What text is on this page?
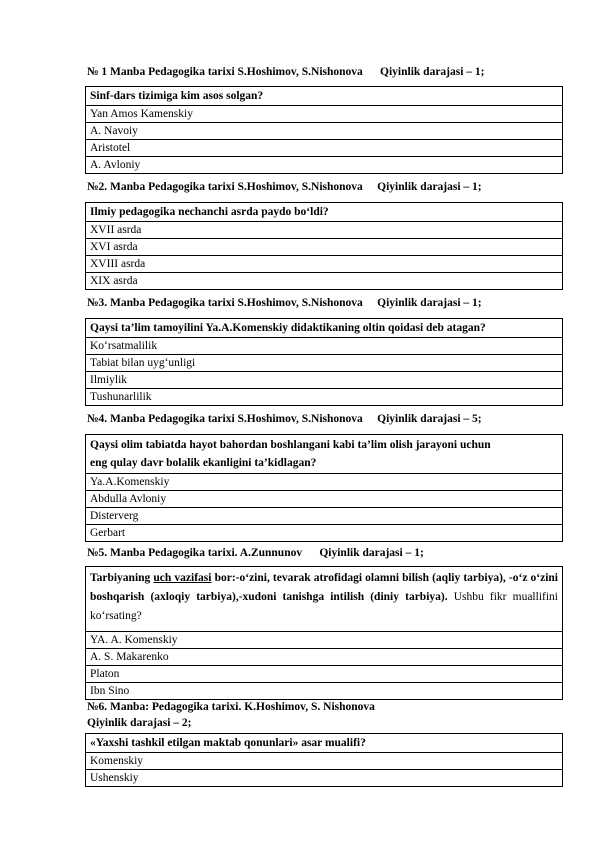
№ 1 Manba Pedagogika tarixi S.Hoshimov, S.Nishonova      Qiyinlik darajasi – 1;
Sinf-dars tizimiga kim asos solgan?
Yan Amos Kamenskiy
A. Navoiy
Aristotel
A. Avloniy
№2. Manba Pedagogika tarixi S.Hoshimov, S.Nishonova     Qiyinlik darajasi – 1;
Ilmiy pedagogika nechanchi asrda paydo bo‘ldi?
XVII asrda
XVI asrda
XVIII asrda
XIX asrda
№3. Manba Pedagogika tarixi S.Hoshimov, S.Nishonova     Qiyinlik darajasi – 1;
Qaysi ta’lim tamoyilini Ya.A.Komenskiy didaktikaning oltin qoidasi deb atagan?
Ko‘rsatmalilik
Tabiat bilan uyg‘unligi
Ilmiylik
Tushunarlilik
№4. Manba Pedagogika tarixi S.Hoshimov, S.Nishonova     Qiyinlik darajasi – 5;
Qaysi olim tabiatda hayot bahordan boshlangani kabi ta’lim olish jarayoni uchun
eng qulay davr bolalik ekanligini ta’kidlagan?

Ya.A.Komenskiy
Abdulla Avloniy
Disterverg
Gerbart
№5. Manba Pedagogika tarixi. A.Zunnunov      Qiyinlik darajasi – 1;
Tarbiyaning uch vazifasi bor:-o‘zini, tevarak atrofidagi olamni bilish (aqliy tarbiya), -o‘z o‘zini boshqarish (axloqiy tarbiya),-xudoni tanishga intilish (diniy tarbiya). Ushbu fikr muallifini ko‘rsating?
YA. A. Komenskiy
A. S. Makarenko
Platon
Ibn Sino
№6. Manba: Pedagogika tarixi. K.Hoshimov, S. Nishonova
Qiyinlik darajasi – 2;
«Yaxshi tashkil etilgan maktab qonunlari» asar mualifi?
Komenskiy
Ushenskiy
